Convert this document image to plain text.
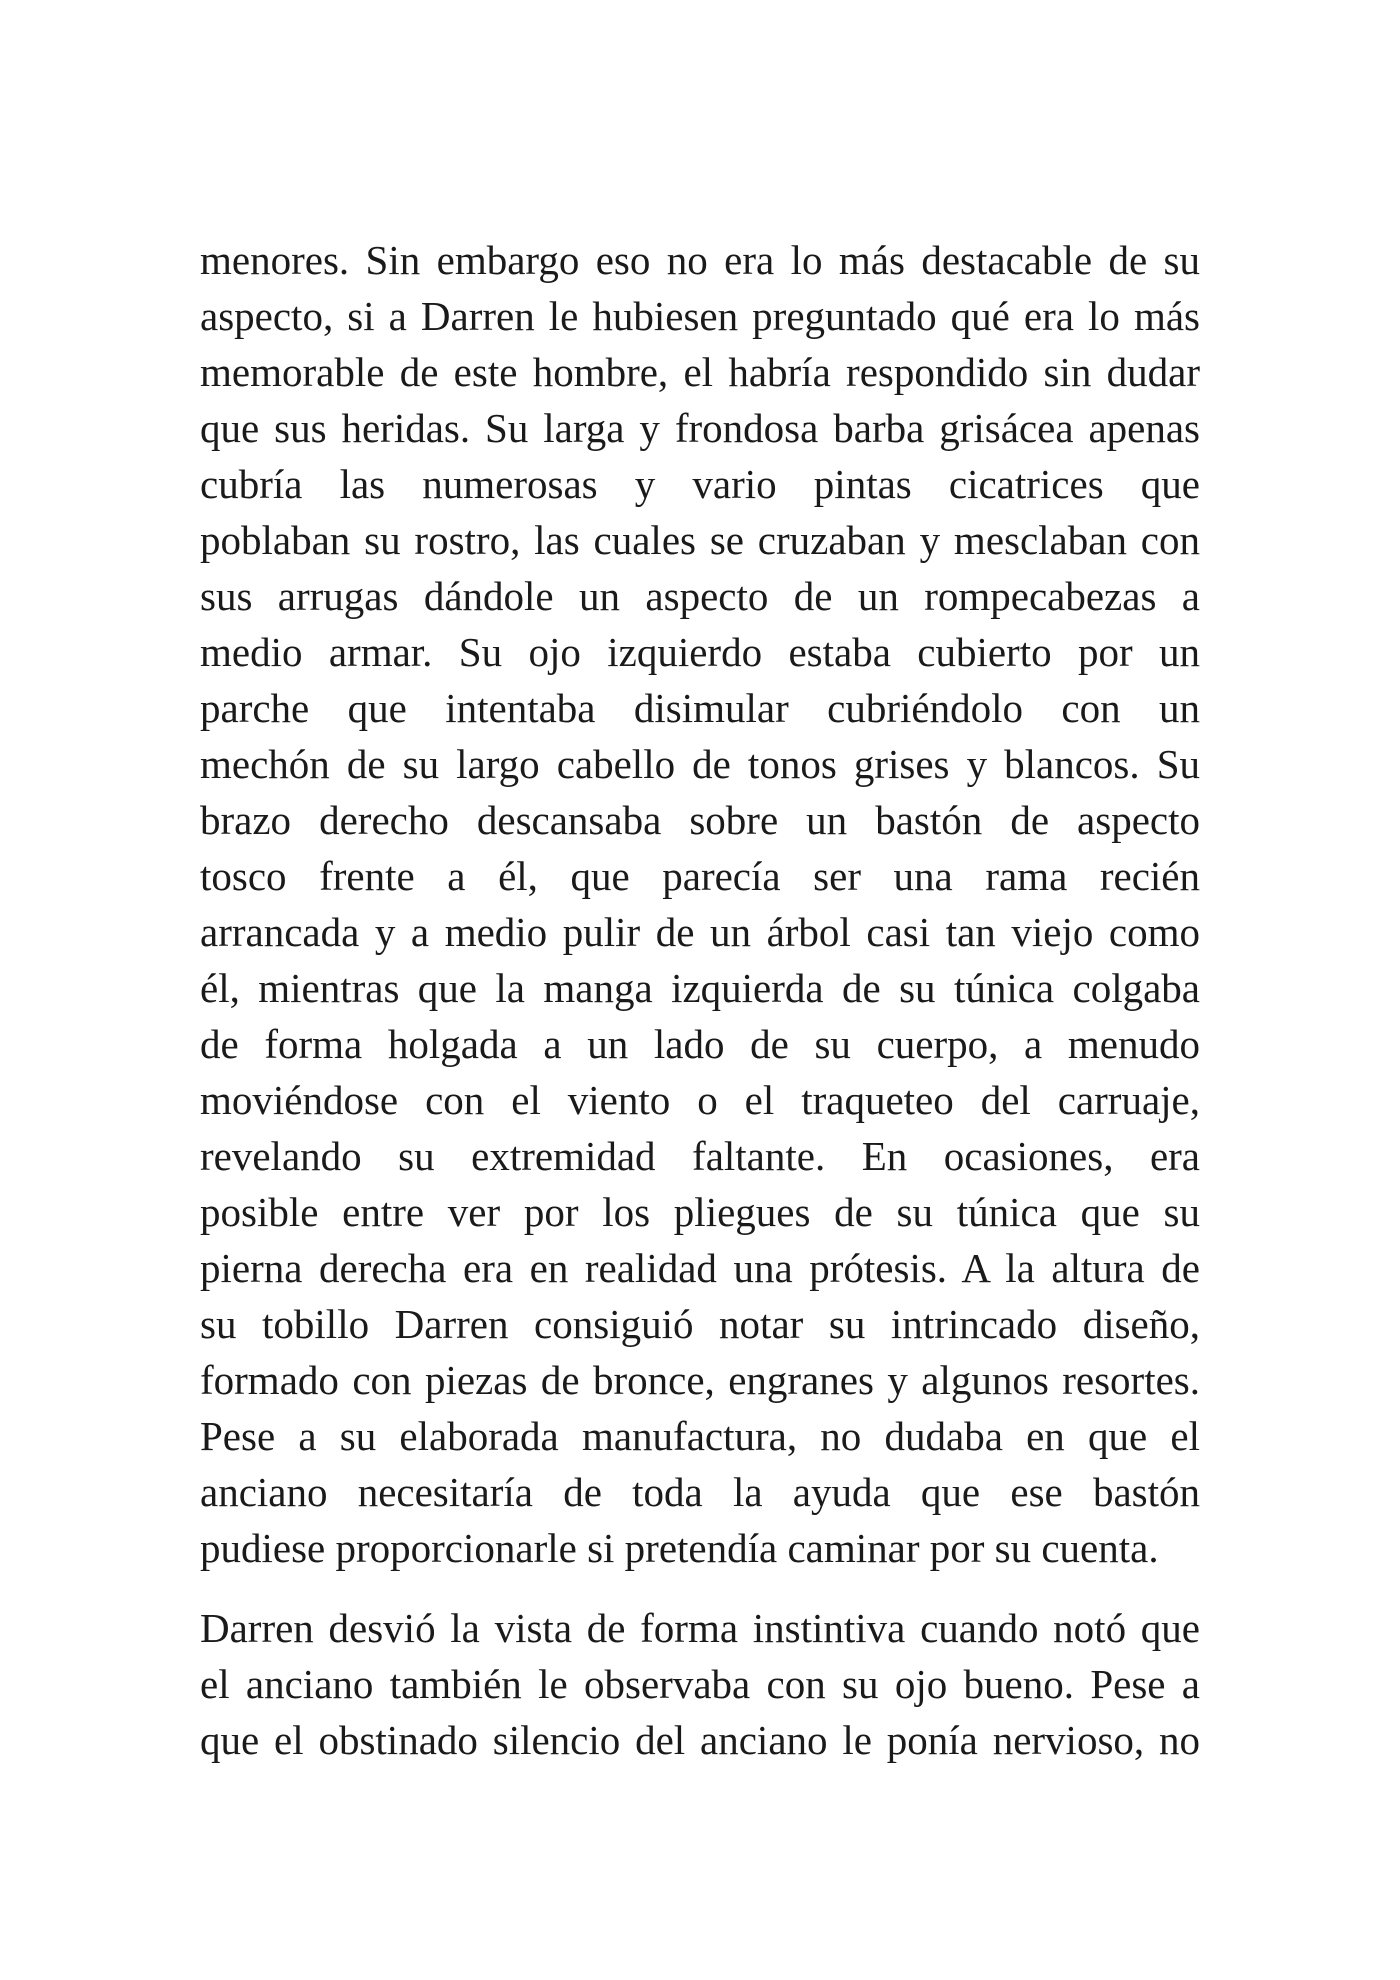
menores. Sin embargo eso no era lo más destacable de su
aspecto, si a Darren le hubiesen preguntado qué era lo más
memorable de este hombre, el habría respondido sin dudar
que sus heridas. Su larga y frondosa barba grisácea apenas
cubría las numerosas y vario pintas cicatrices que
poblaban su rostro, las cuales se cruzaban y mesclaban con
sus arrugas dándole un aspecto de un rompecabezas a
medio armar. Su ojo izquierdo estaba cubierto por un
parche que intentaba disimular cubriéndolo con un
mechón de su largo cabello de tonos grises y blancos. Su
brazo derecho descansaba sobre un bastón de aspecto
tosco frente a él, que parecía ser una rama recién
arrancada y a medio pulir de un árbol casi tan viejo como
él, mientras que la manga izquierda de su túnica colgaba
de forma holgada a un lado de su cuerpo, a menudo
moviéndose con el viento o el traqueteo del carruaje,
revelando su extremidad faltante. En ocasiones, era
posible entre ver por los pliegues de su túnica que su
pierna derecha era en realidad una prótesis. A la altura de
su tobillo Darren consiguió notar su intrincado diseño,
formado con piezas de bronce, engranes y algunos resortes.
Pese a su elaborada manufactura, no dudaba en que el
anciano necesitaría de toda la ayuda que ese bastón
pudiese proporcionarle si pretendía caminar por su cuenta.

Darren desvió la vista de forma instintiva cuando notó que
el anciano también le observaba con su ojo bueno. Pese a
que el obstinado silencio del anciano le ponía nervioso, no
